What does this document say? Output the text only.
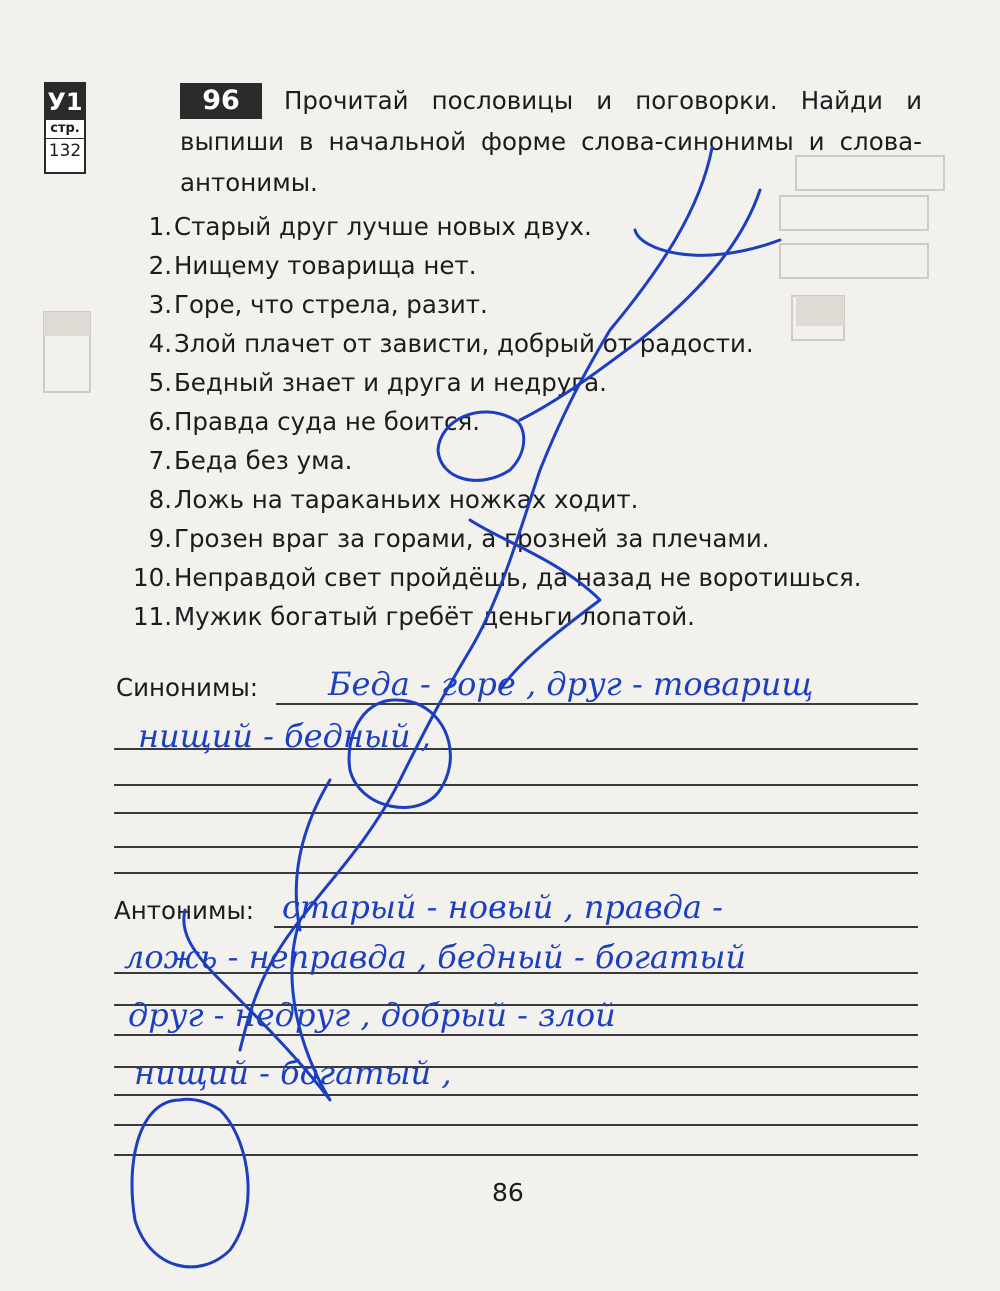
У1
стр.
132
96	Прочитай пословицы и поговорки. Найди и выпиши в начальной форме слова-синонимы и слова-антонимы.

1.Старый друг лучше новых двух.
2.Нищему товарища нет.
3.Горе, что стрела, разит.
4.Злой плачет от зависти, добрый от радости.
5.Бедный знает и друга и недруга.
6.Правда суда не боится.
7.Беда без ума.
8.Ложь на тараканьих ножках ходит.
9.Грозен враг за горами, а грозней за плечами.
10.Неправдой свет пройдёшь, да назад не воротишься.
11.Мужик богатый гребёт деньги лопатой.
Синонимы:
Антонимы:
Беда - горе , друг - товарищ
нищий - бедный ,
старый - новый , правда -
ложь - неправда , бедный - богатый
друг - недруг , добрый - злой
нищий - богатый ,
86
